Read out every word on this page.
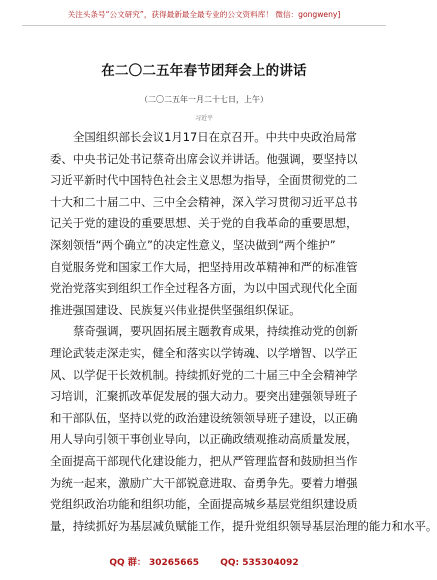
关注头条号“公文研究”，获得最新最全最专业的公文资料库！ 微信：gongweny]
在二〇二五年春节团拜会上的讲话
（二〇二五年一月二十七日，上午）
习近平
全国组织部长会议1月17日在京召开。中共中央政治局常
委、中央书记处书记蔡奇出席会议并讲话。他强调，要坚持以
习近平新时代中国特色社会主义思想为指导，全面贯彻党的二
十大和二十届二中、三中全会精神，深入学习贯彻习近平总书
记关于党的建设的重要思想、关于党的自我革命的重要思想，
深刻领悟“两个确立”的决定性意义，坚决做到“两个维护”
自觉服务党和国家工作大局，把坚持用改革精神和严的标准管
党治党落实到组织工作全过程各方面，为以中国式现代化全面
推进强国建设、民族复兴伟业提供坚强组织保证。
蔡奇强调，要巩固拓展主题教育成果，持续推动党的创新
理论武装走深走实，健全和落实以学铸魂、以学增智、以学正
风、以学促干长效机制。持续抓好党的二十届三中全会精神学
习培训，汇聚抓改革促发展的强大动力。要突出建强领导班子
和干部队伍，坚持以党的政治建设统领领导班子建设，以正确
用人导向引领干事创业导向，以正确政绩观推动高质量发展，
全面提高干部现代化建设能力，把从严管理监督和鼓励担当作
为统一起来，激励广大干部锐意进取、奋勇争先。要着力增强
党组织政治功能和组织功能，全面提高城乡基层党组织建设质
量，持续抓好为基层减负赋能工作，提升党组织领导基层治理的能力和水平。
QQ 群： 30265665 QQ: 535304092
